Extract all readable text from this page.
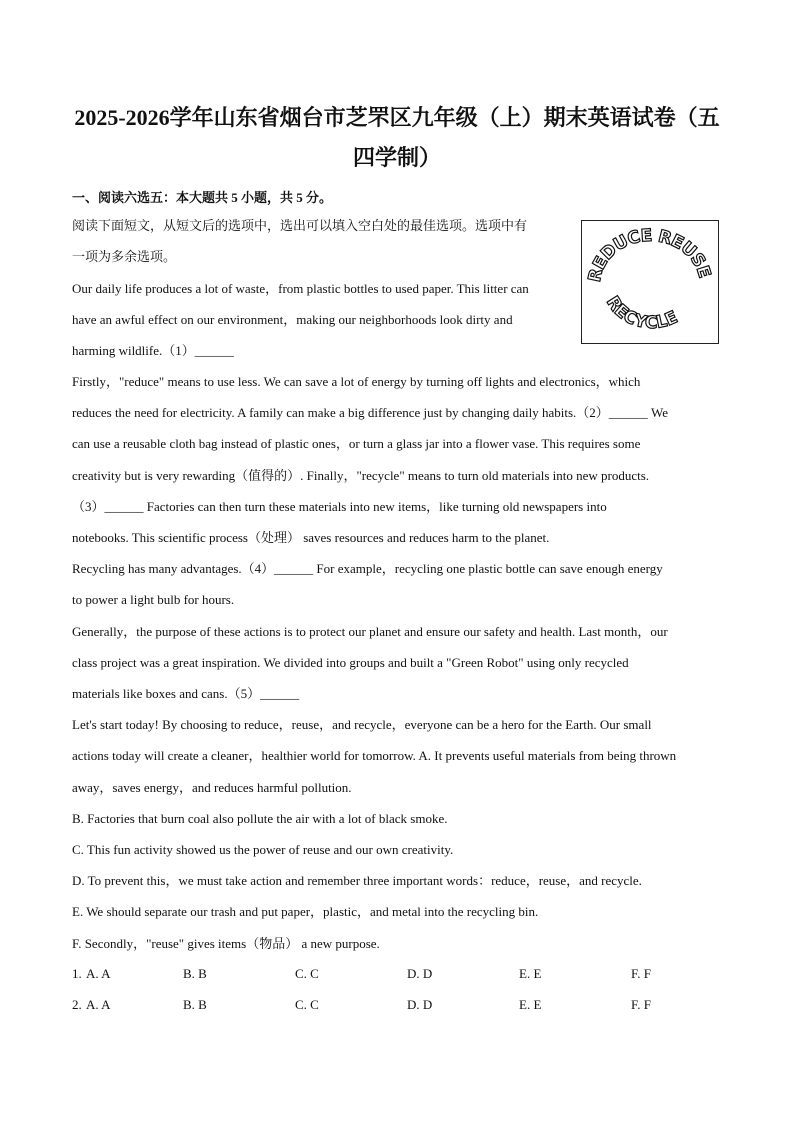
2025-2026学年山东省烟台市芝罘区九年级（上）期末英语试卷（五
四学制）
一、阅读六选五：本大题共 5 小题，共 5 分。
阅读下面短文，从短文后的选项中，选出可以填入空白处的最佳选项。选项中有
一项为多余选项。
Our daily life produces a lot of waste，from plastic bottles to used paper. This litter can
have an awful effect on our environment，making our neighborhoods look dirty and
harming wildlife.（1）______
Firstly，"reduce" means to use less. We can save a lot of energy by turning off lights and electronics，which
reduces the need for electricity. A family can make a big difference just by changing daily habits.（2）______ We
can use a reusable cloth bag instead of plastic ones，or turn a glass jar into a flower vase. This requires some
creativity but is very rewarding（值得的）. Finally，"recycle" means to turn old materials into new products.
（3）______ Factories can then turn these materials into new items，like turning old newspapers into
notebooks. This scientific process（处理） saves resources and reduces harm to the planet.
Recycling has many advantages.（4）______ For example，recycling one plastic bottle can save enough energy
to power a light bulb for hours.
Generally，the purpose of these actions is to protect our planet and ensure our safety and health. Last month，our
class project was a great inspiration. We divided into groups and built a "Green Robot" using only recycled
materials like boxes and cans.（5）______
Let's start today! By choosing to reduce，reuse，and recycle，everyone can be a hero for the Earth. Our small
actions today will create a cleaner，healthier world for tomorrow. A. It prevents useful materials from being thrown
away，saves energy，and reduces harmful pollution.
B. Factories that burn coal also pollute the air with a lot of black smoke.
C. This fun activity showed us the power of reuse and our own creativity.
D. To prevent this，we must take action and remember three important words：reduce，reuse，and recycle.
E. We should separate our trash and put paper，plastic，and metal into the recycling bin.
F. Secondly，"reuse" gives items（物品） a new purpose.
REDUCE REUSE
RECYCLE
1. A. A	B. B	C. C	D. D	E. E	F. F
2. A. A	B. B	C. C	D. D	E. E	F. F
